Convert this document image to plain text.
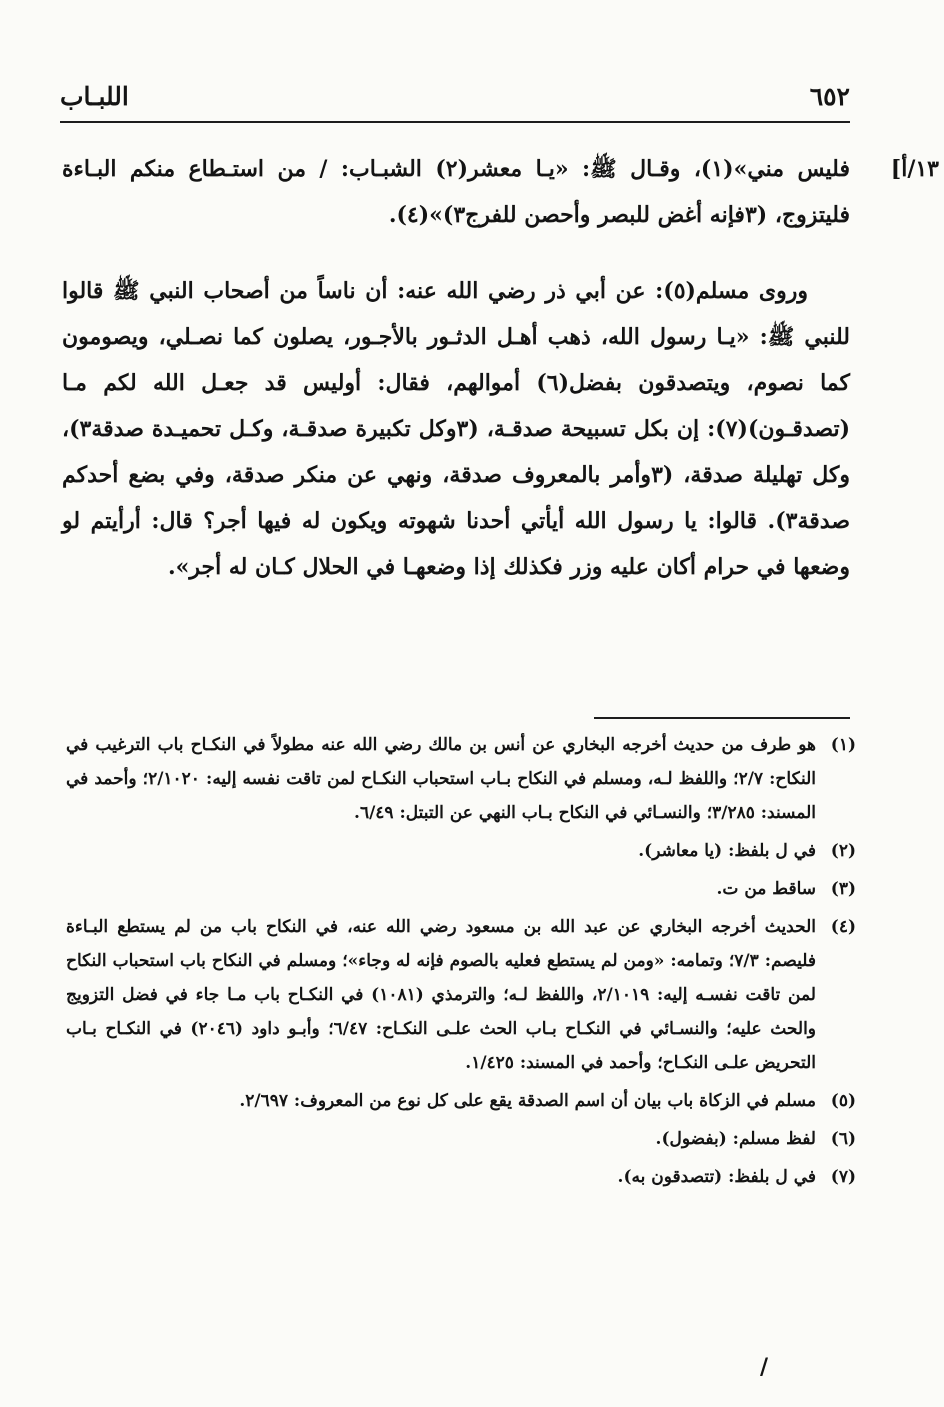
٦٥٢
اللبـاب
١٣/أ]

فليس مني»(١)، وقـال ﷺ: «يـا معشر(٢) الشبـاب: / من استـطاع منكم البـاءة فليتزوج، (٣فإنه أغض للبصر وأحصن للفرج٣)»(٤).

وروى مسلم(٥): عن أبي ذر رضي الله عنه: أن ناساً من أصحاب النبي ﷺ قالوا للنبي ﷺ: «يـا رسول الله، ذهب أهـل الدثـور بالأجـور، يصلون كما نصـلي، ويصومون كما نصوم، ويتصدقون بفضل(٦) أموالهم، فقال: أوليس قد جعـل الله لكم مـا (تصدقـون)(٧): إن بكل تسبيحة صدقـة، (٣وكل تكبيرة صدقـة، وكـل تحميـدة صدقة٣)، وكل تهليلة صدقة، (٣وأمر بالمعروف صدقة، ونهي عن منكر صدقة، وفي بضع أحدكم صدقة٣). قالوا: يا رسول الله أيأتي أحدنا شهوته ويكون له فيها أجر؟ قال: أرأيتم لو وضعها في حرام أكان عليه وزر فكذلك إذا وضعهـا في الحلال كـان له أجر».

(١)
هو طرف من حديث أخرجه البخاري عن أنس بن مالك رضي الله عنه مطولاً في النكـاح باب الترغيب في النكاح: ٢/٧؛ واللفظ لـه، ومسلم في النكاح بـاب استحباب النكـاح لمن تاقت نفسه إليه: ٢/١٠٢٠؛ وأحمد في المسند: ٣/٢٨٥؛ والنسـائي في النكاح بـاب النهي عن التبتل: ٦/٤٩.
(٢)
في ل بلفظ: (يا معاشر).
(٣)
ساقط من ت.
(٤)
الحديث أخرجه البخاري عن عبد الله بن مسعود رضي الله عنه، في النكاح باب من لم يستطع البـاءة فليصم: ٧/٣؛ وتمامه: «ومن لم يستطع فعليه بالصوم فإنه له وجاء»؛ ومسلم في النكاح باب استحباب النكاح لمن تاقت نفسـه إليه: ٢/١٠١٩، واللفظ لـه؛ والترمذي (١٠٨١) في النكـاح باب مـا جاء في فضل التزويج والحث عليه؛ والنسـائي في النكـاح بـاب الحث علـى النكـاح: ٦/٤٧؛ وأبـو داود (٢٠٤٦) في النكـاح بـاب التحريض علـى النكـاح؛ وأحمد في المسند: ١/٤٢٥.
(٥)
مسلم في الزكاة باب بيان أن اسم الصدقة يقع على كل نوع من المعروف: ٢/٦٩٧.
(٦)
لفظ مسلم: (بفضول).
(٧)
في ل بلفظ: (تتصدقون به).
/
